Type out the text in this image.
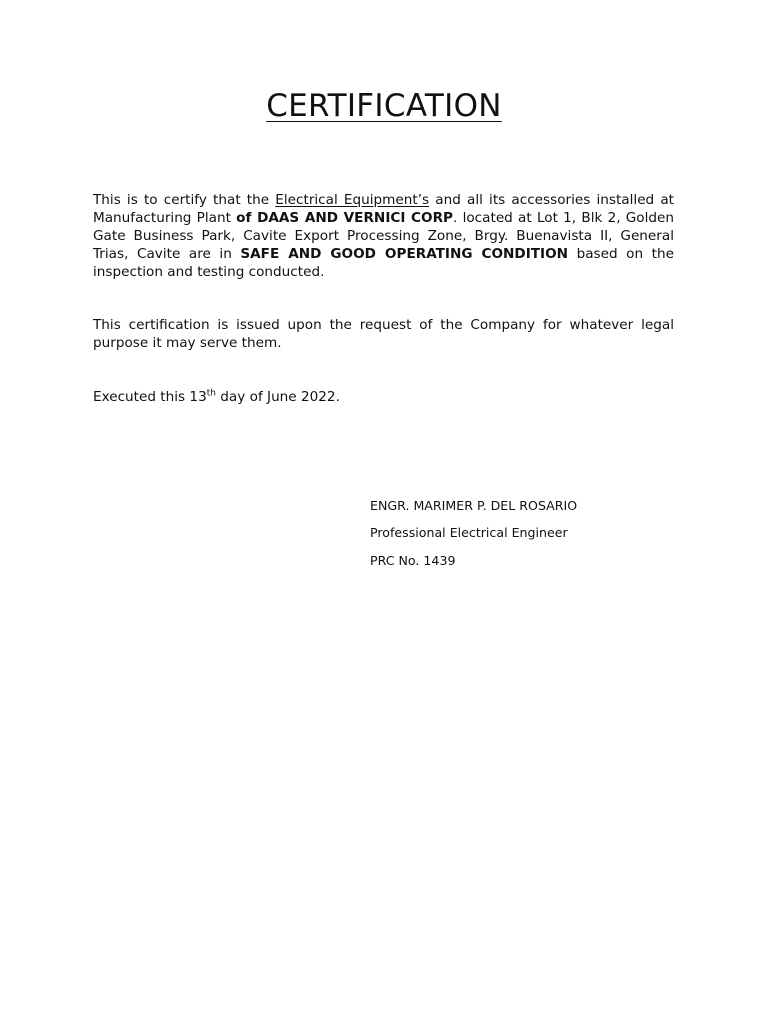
CERTIFICATION

This is to certify that the Electrical Equipment’s and all its accessories installed at Manufacturing Plant of DAAS AND VERNICI CORP. located at Lot 1, Blk 2, Golden Gate Business Park, Cavite Export Processing Zone, Brgy. Buenavista II, General Trias, Cavite are in SAFE AND GOOD OPERATING CONDITION based on the inspection and testing conducted.

This certification is issued upon the request of the Company for whatever legal purpose it may serve them.

Executed this 13th day of June 2022.

ENGR. MARIMER P. DEL ROSARIO

Professional Electrical Engineer

PRC No. 1439
